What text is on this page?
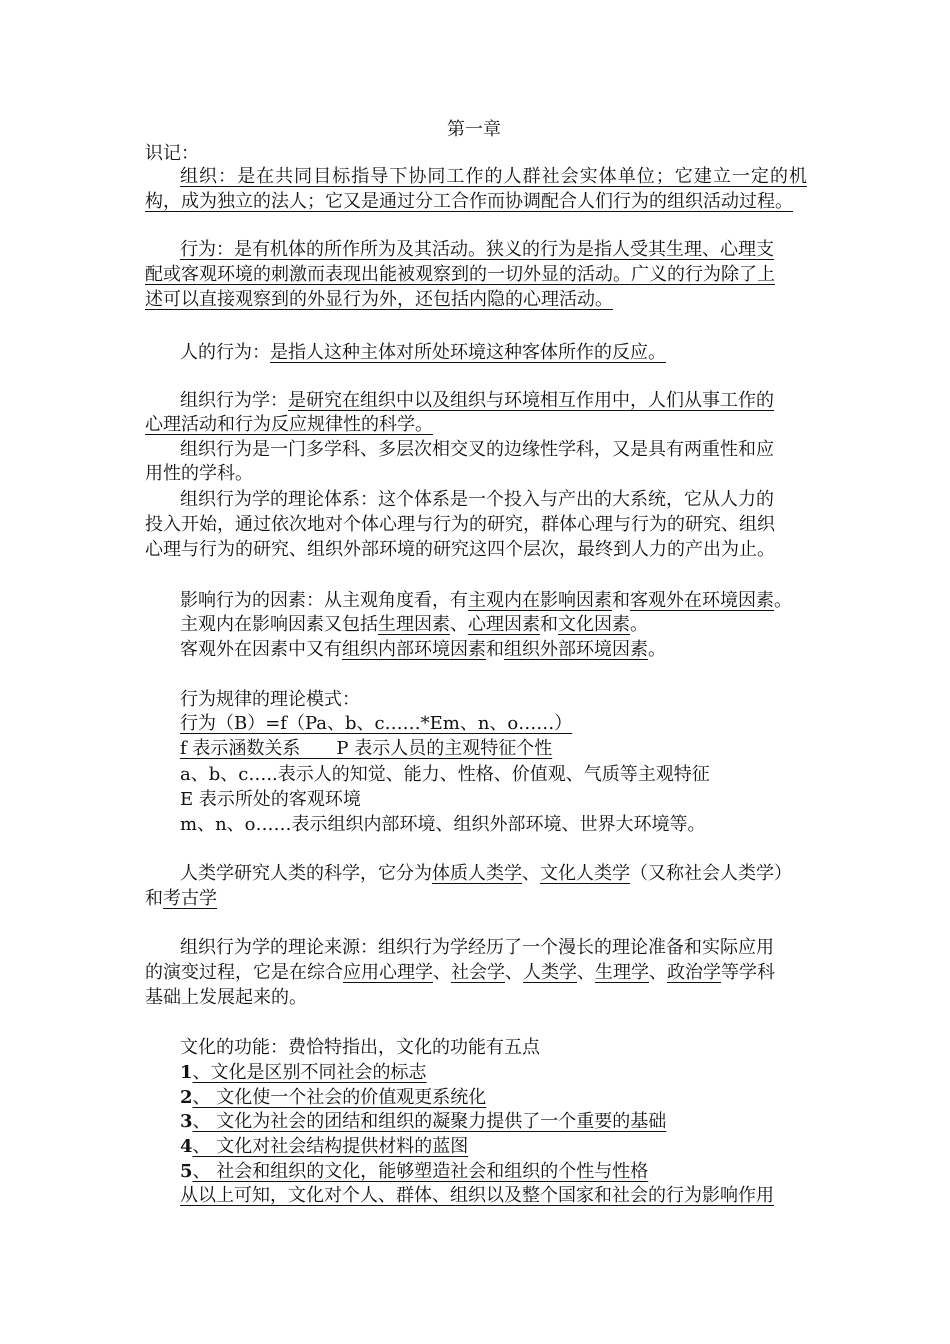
第一章
识记：
组织：是在共同目标指导下协同工作的人群社会实体单位；它建立一定的机
构，成为独立的法人；它又是通过分工合作而协调配合人们行为的组织活动过程。
行为：是有机体的所作所为及其活动。狭义的行为是指人受其生理、心理支
配或客观环境的刺激而表现出能被观察到的一切外显的活动。广义的行为除了上
述可以直接观察到的外显行为外，还包括内隐的心理活动。
人的行为：是指人这种主体对所处环境这种客体所作的反应。
组织行为学：是研究在组织中以及组织与环境相互作用中，人们从事工作的
心理活动和行为反应规律性的科学。
组织行为是一门多学科、多层次相交叉的边缘性学科，又是具有两重性和应
用性的学科。
组织行为学的理论体系：这个体系是一个投入与产出的大系统，它从人力的
投入开始，通过依次地对个体心理与行为的研究，群体心理与行为的研究、组织
心理与行为的研究、组织外部环境的研究这四个层次，最终到人力的产出为止。
影响行为的因素：从主观角度看，有主观内在影响因素和客观外在环境因素。
主观内在影响因素又包括生理因素、心理因素和文化因素。
客观外在因素中又有组织内部环境因素和组织外部环境因素。
行为规律的理论模式：
行为（B）=f（Pa、b、c……*Em、n、o……）
f 表示涵数关系　　P 表示人员的主观特征个性
a、b、c…..表示人的知觉、能力、性格、价值观、气质等主观特征
E 表示所处的客观环境
m、n、o……表示组织内部环境、组织外部环境、世界大环境等。
人类学研究人类的科学，它分为体质人类学、文化人类学（又称社会人类学）
和考古学
组织行为学的理论来源：组织行为学经历了一个漫长的理论准备和实际应用
的演变过程，它是在综合应用心理学、社会学、人类学、生理学、政治学等学科
基础上发展起来的。
文化的功能：费恰特指出，文化的功能有五点
1、文化是区别不同社会的标志
2、 文化使一个社会的价值观更系统化
3、 文化为社会的团结和组织的凝聚力提供了一个重要的基础
4、 文化对社会结构提供材料的蓝图
5、 社会和组织的文化，能够塑造社会和组织的个性与性格
从以上可知，文化对个人、群体、组织以及整个国家和社会的行为影响作用
